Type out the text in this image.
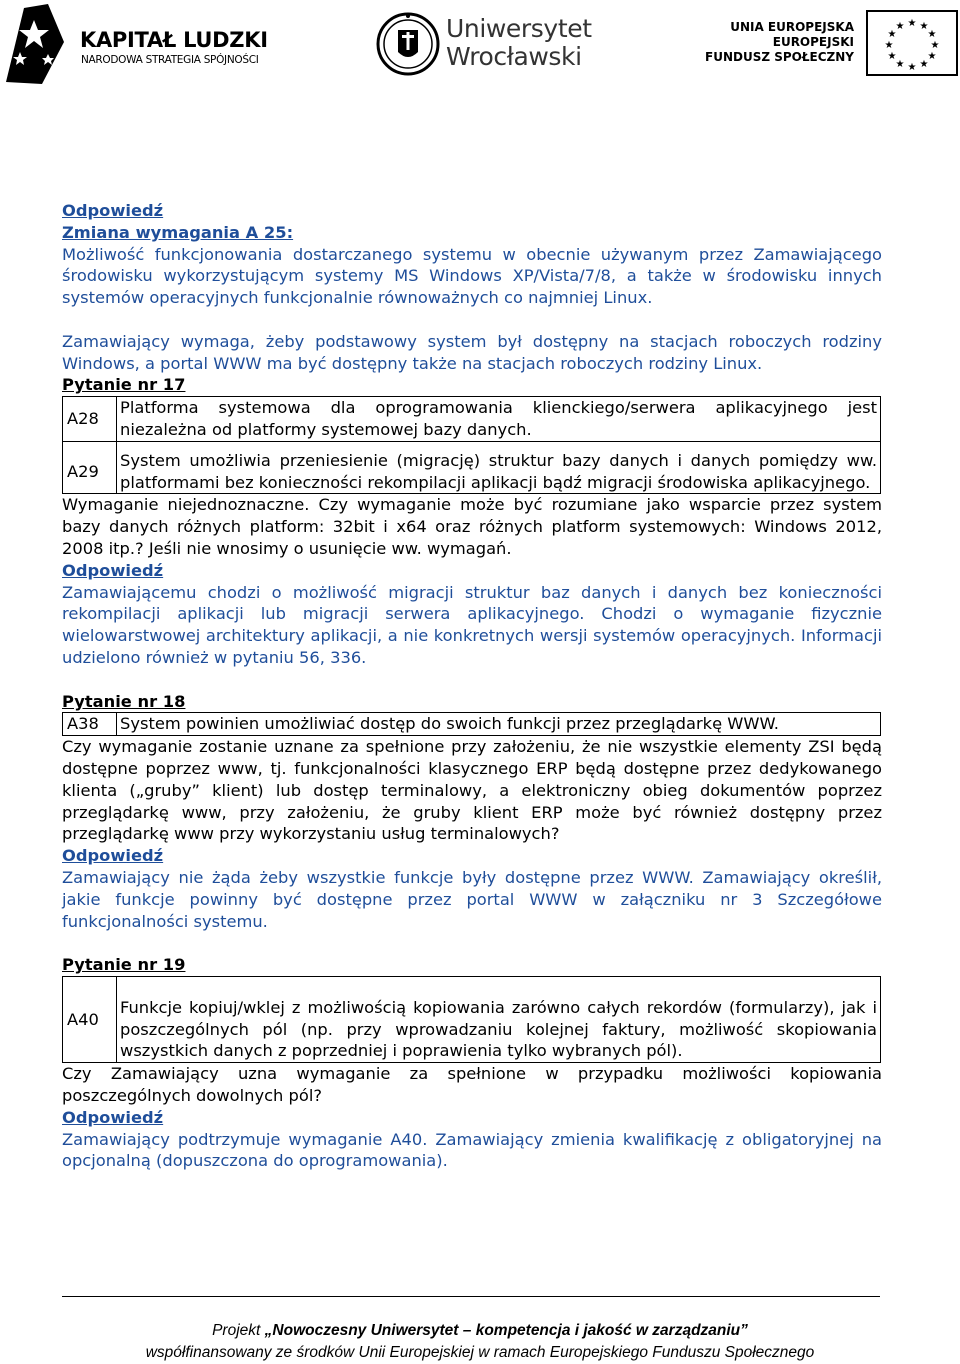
KAPITAŁ LUDZKI
NARODOWA STRATEGIA SPÓJNOŚCI
Uniwersytet
Wrocławski
UNIA EUROPEJSKA
EUROPEJSKI
FUNDUSZ SPOŁECZNY
★ ★
★
★
★
★
★
★
★
★
★
★
Odpowiedź
Zmiana wymagania A 25:

Możliwość funkcjonowania dostarczanego systemu w obecnie używanym przez Zamawiającego środowisku wykorzystującym systemy MS Windows XP/Vista/7/8, a także w środowisku innych systemów operacyjnych funkcjonalnie równoważnych co najmniej Linux.

Zamawiający wymaga, żeby podstawowy system był dostępny na stacjach roboczych rodziny Windows, a portal WWW ma być dostępny także na stacjach roboczych rodziny Linux.

Pytanie nr 17
A28	Platforma systemowa dla oprogramowania klienckiego/serwera aplikacyjnego jest niezależna od platformy systemowej bazy danych.
A29	System umożliwia przeniesienie (migrację) struktur bazy danych i danych pomiędzy ww. platformami bez konieczności rekompilacji aplikacji bądź migracji środowiska aplikacyjnego.

Wymaganie niejednoznaczne. Czy wymaganie może być rozumiane jako wsparcie przez system bazy danych różnych platform: 32bit i x64 oraz różnych platform systemowych: Windows 2012, 2008 itp.? Jeśli nie wnosimy o usunięcie ww. wymagań.

Odpowiedź

Zamawiającemu chodzi o możliwość migracji struktur baz danych i danych bez konieczności rekompilacji aplikacji lub migracji serwera aplikacyjnego. Chodzi o wymaganie fizycznie wielowarstwowej architektury aplikacji, a nie konkretnych wersji systemów operacyjnych. Informacji udzielono również w pytaniu 56, 336.

Pytanie nr 18
A38	System powinien umożliwiać dostęp do swoich funkcji przez przeglądarkę WWW.

Czy wymaganie zostanie uznane za spełnione przy założeniu, że nie wszystkie elementy ZSI będą dostępne poprzez www, tj. funkcjonalności klasycznego ERP będą dostępne przez dedykowanego klienta („gruby” klient) lub dostęp terminalowy, a elektroniczny obieg dokumentów poprzez przeglądarkę www, przy założeniu, że gruby klient ERP może być również dostępny przez przeglądarkę www przy wykorzystaniu usług terminalowych?

Odpowiedź

Zamawiający nie żąda żeby wszystkie funkcje były dostępne przez WWW. Zamawiający określił, jakie funkcje powinny być dostępne przez portal WWW w załączniku nr 3 Szczegółowe funkcjonalności systemu.

Pytanie nr 19
A40	Funkcje kopiuj/wklej z możliwością kopiowania zarówno całych rekordów (formularzy), jak i poszczególnych pól (np. przy wprowadzaniu kolejnej faktury, możliwość skopiowania wszystkich danych z poprzedniej i poprawienia tylko wybranych pól).

Czy Zamawiający uzna wymaganie za spełnione w przypadku możliwości kopiowania poszczególnych dowolnych pól?

Odpowiedź

Zamawiający podtrzymuje wymaganie A40. Zamawiający zmienia kwalifikację z obligatoryjnej na opcjonalną (dopuszczona do oprogramowania).

Projekt „Nowoczesny Uniwersytet – kompetencja i jakość w zarządzaniu”
współfinansowany ze środków Unii Europejskiej w ramach Europejskiego Funduszu Społecznego
